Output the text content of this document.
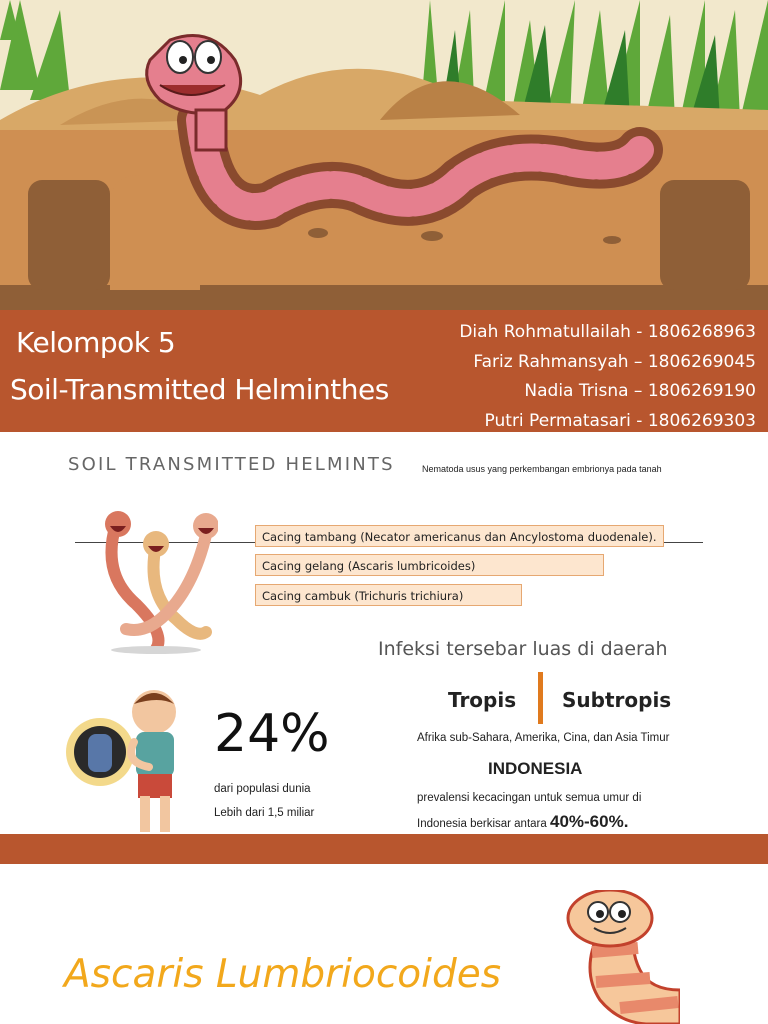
Kelompok 5
Soil-Transmitted Helminthes
Diah Rohmatullailah - 1806268963
Fariz Rahmansyah – 1806269045
Nadia Trisna – 1806269190
Putri Permatasari - 1806269303
SOIL TRANSMITTED HELMINTS	Nematoda usus yang perkembangan embrionya pada tanah
Cacing tambang (Necator americanus dan Ancylostoma duodenale).
Cacing gelang (Ascaris lumbricoides)
Cacing cambuk (Trichuris trichiura)
Infeksi tersebar luas di daerah
Tropis Subtropis
Afrika sub-Sahara, Amerika, Cina, dan Asia Timur
INDONESIA
prevalensi kecacingan untuk semua umur di
Indonesia berkisar antara 40%-60%.
24%
dari populasi dunia
Lebih dari 1,5 miliar
Ascaris Lumbriocoides
